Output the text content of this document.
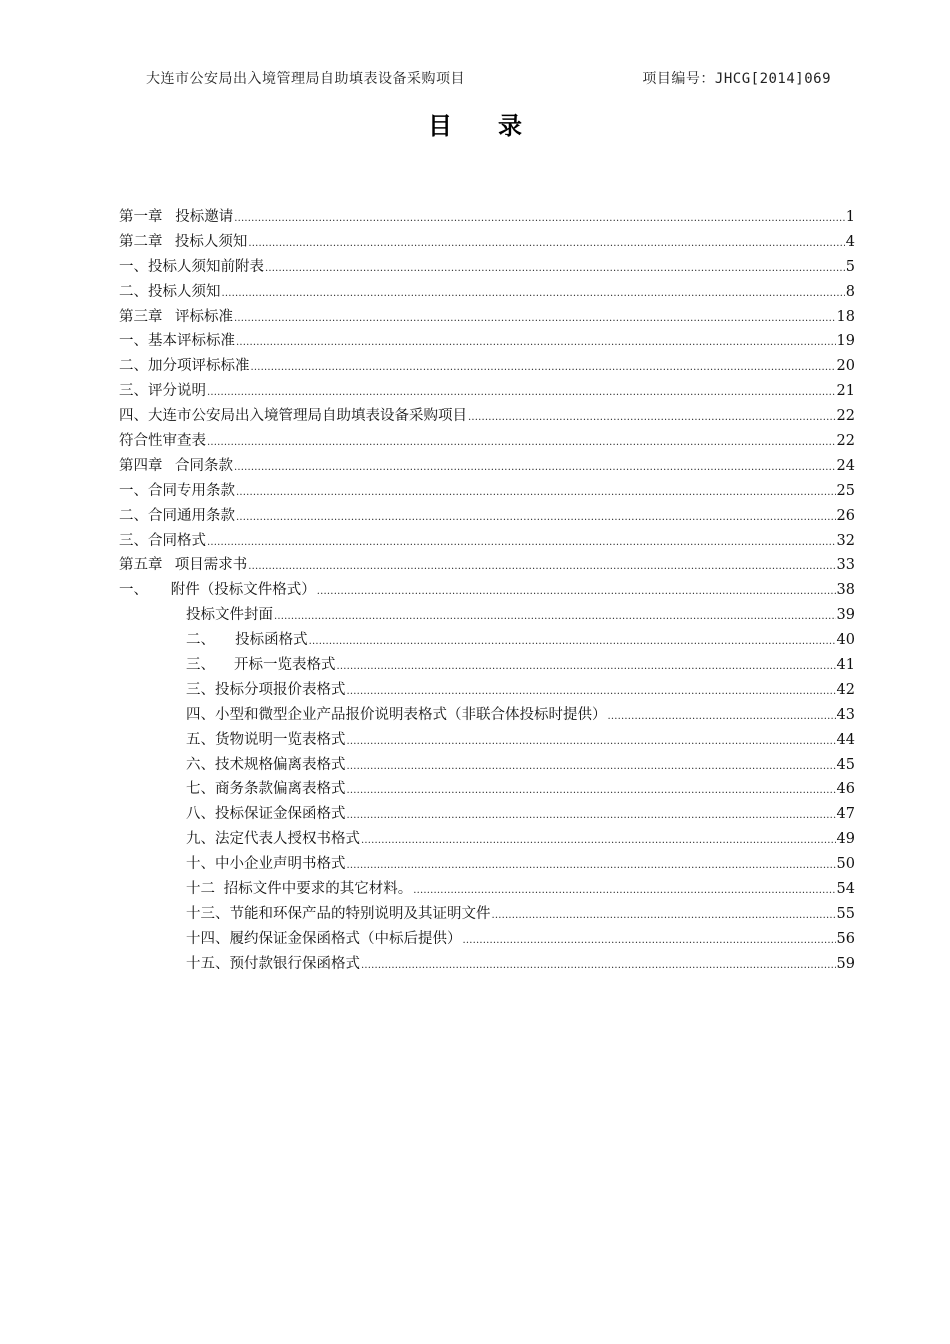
大连市公安局出入境管理局自助填表设备采购项目	项目编号：JHCG[2014]069
目录
第一章 投标邀请 .....	1
第二章 投标人须知 .....	4
一、投标人须知前附表 .....	5
二、投标人须知 .....	8
第三章 评标标准 .....	18
一、基本评标标准 .....	19
二、加分项评标标准 .....	20
三、评分说明 .....	21
四、大连市公安局出入境管理局自助填表设备采购项目 .....	22
符合性审查表 .....	22
第四章 合同条款 .....	24
一、合同专用条款 .....	25
二、合同通用条款 .....	26
三、合同格式 .....	32
第五章 项目需求书 .....	33
一、 附件（投标文件格式） .....	38
投标文件封面 .....	39
二、 投标函格式 .....	40
三、 开标一览表格式 .....	41
三、投标分项报价表格式 .....	42
四、小型和微型企业产品报价说明表格式（非联合体投标时提供） .....	43
五、货物说明一览表格式 .....	44
六、技术规格偏离表格式 .....	45
七、商务条款偏离表格式 .....	46
八、投标保证金保函格式 .....	47
九、法定代表人授权书格式 .....	49
十、中小企业声明书格式 .....	50
十二 招标文件中要求的其它材料。 .....	54
十三、节能和环保产品的特别说明及其证明文件 .....	55
十四、履约保证金保函格式（中标后提供） .....	56
十五、预付款银行保函格式 .....	59
